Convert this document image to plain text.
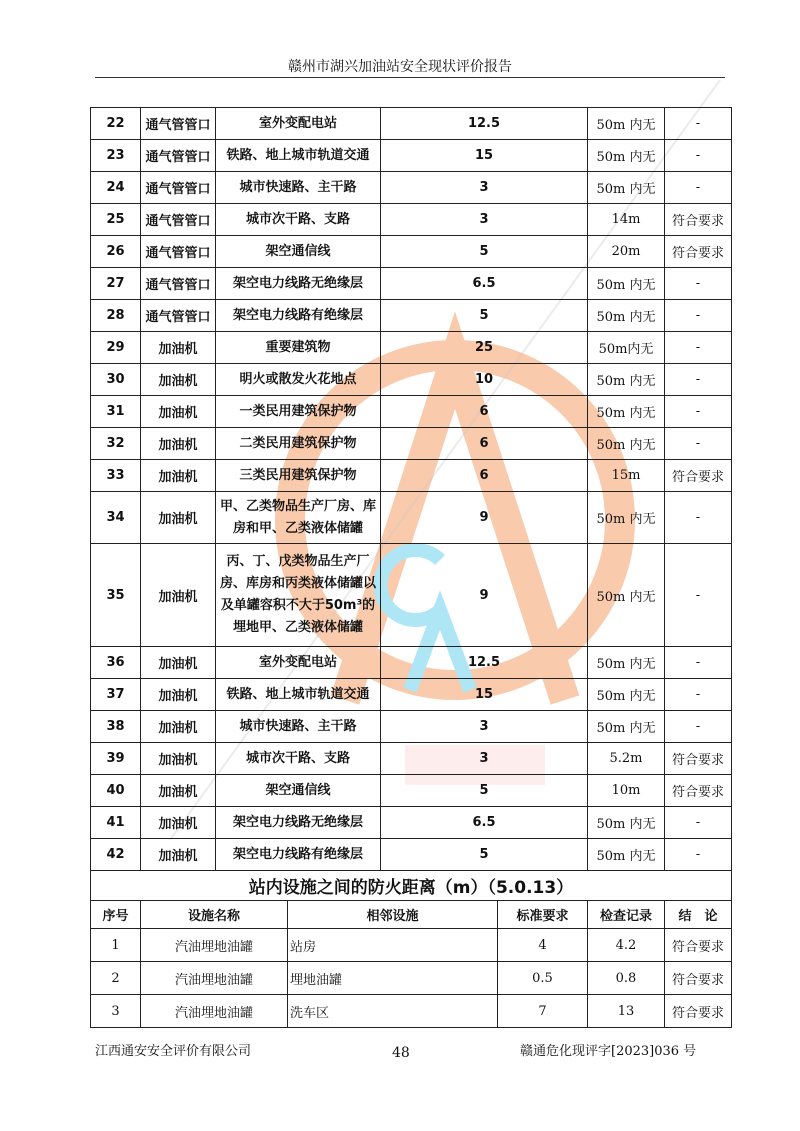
赣州市湖兴加油站安全现状评价报告
22	通气管管口	室外变配电站	12.5	50m 内无	-
23	通气管管口	铁路、地上城市轨道交通	15	50m 内无	-
24	通气管管口	城市快速路、主干路	3	50m 内无	-
25	通气管管口	城市次干路、支路	3	14m	符合要求
26	通气管管口	架空通信线	5	20m	符合要求
27	通气管管口	架空电力线路无绝缘层	6.5	50m 内无	-
28	通气管管口	架空电力线路有绝缘层	5	50m 内无	-
29	加油机	重要建筑物	25	50m内无	-
30	加油机	明火或散发火花地点	10	50m 内无	-
31	加油机	一类民用建筑保护物	6	50m 内无	-
32	加油机	二类民用建筑保护物	6	50m 内无	-
33	加油机	三类民用建筑保护物	6	15m	符合要求
34	加油机	甲、乙类物品生产厂房、库房和甲、乙类液体储罐	9	50m 内无	-
35	加油机	丙、丁、戊类物品生产厂房、库房和丙类液体储罐以及单罐容积不大于50m³的埋地甲、乙类液体储罐	9	50m 内无	-
36	加油机	室外变配电站	12.5	50m 内无	-
37	加油机	铁路、地上城市轨道交通	15	50m 内无	-
38	加油机	城市快速路、主干路	3	50m 内无	-
39	加油机	城市次干路、支路	3	5.2m	符合要求
40	加油机	架空通信线	5	10m	符合要求
41	加油机	架空电力线路无绝缘层	6.5	50m 内无	-
42	加油机	架空电力线路有绝缘层	5	50m 内无	-
站内设施之间的防火距离（m）（5.0.13）					
序号	设施名称	相邻设施	标准要求	检查记录	结　论
1	汽油埋地油罐	站房	4	4.2	符合要求
2	汽油埋地油罐	埋地油罐	0.5	0.8	符合要求
3	汽油埋地油罐	洗车区	7	13	符合要求
江西通安安全评价有限公司	48	赣通危化现评字[2023]036 号
